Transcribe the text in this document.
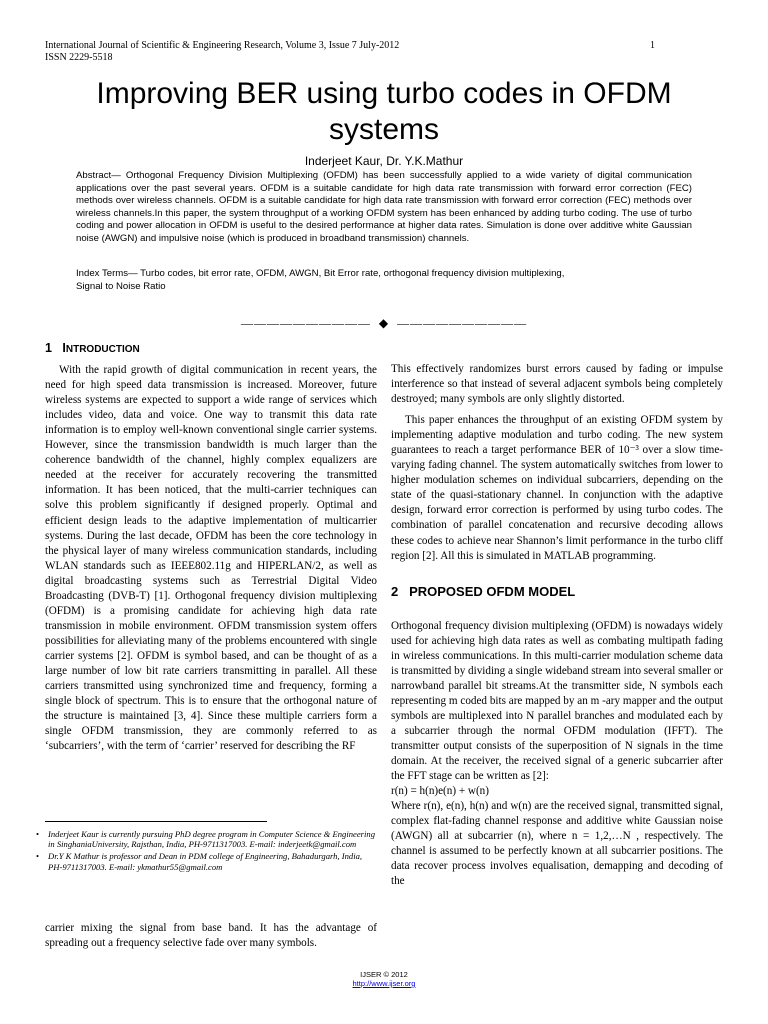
International Journal of Scientific & Engineering Research, Volume 3, Issue 7 July-2012
ISSN 2229-5518
1
Improving BER using turbo codes in OFDM systems
Inderjeet Kaur, Dr. Y.K.Mathur

Abstract— Orthogonal Frequency Division Multiplexing (OFDM) has been successfully applied to a wide variety of digital communication applications over the past several years. OFDM is a suitable candidate for high data rate transmission with forward error correction (FEC) methods over wireless channels. OFDM is a suitable candidate for high data rate transmission with forward error correction (FEC) methods over wireless channels.In this paper, the system throughput of a working OFDM system has been enhanced by adding turbo coding. The use of turbo coding and power allocation in OFDM is useful to the desired performance at higher data rates. Simulation is done over additive white Gaussian noise (AWGN) and impulsive noise (which is produced in broadband transmission) channels.

Index Terms— Turbo codes, bit error rate, OFDM, AWGN, Bit Error rate, orthogonal frequency division multiplexing,
Signal to Noise Ratio

——————————  ◆  ——————————
1 INTRODUCTION

With the rapid growth of digital communication in recent years, the need for high speed data transmission is increased. Moreover, future wireless systems are expected to support a wide range of services which includes video, data and voice. One way to transmit this data rate information is to employ well-known conventional single carrier systems. However, since the transmission bandwidth is much larger than the coherence bandwidth of the channel, highly complex equalizers are needed at the receiver for accurately recovering the transmitted information. It has been noticed, that the multi-carrier techniques can solve this problem significantly if designed properly. Optimal and efficient design leads to the adaptive implementation of multicarrier systems. During the last decade, OFDM has been the core technology in the physical layer of many wireless communication standards, including WLAN standards such as IEEE802.11g and HIPERLAN/2, as well as digital broadcasting systems such as Terrestrial Digital Video Broadcasting (DVB-T) [1]. Orthogonal frequency division multiplexing (OFDM) is a promising candidate for achieving high data rate transmission in mobile environment. OFDM transmission system offers possibilities for alleviating many of the problems encountered with single carrier systems [2]. OFDM is symbol based, and can be thought of as a large number of low bit rate carriers transmitting in parallel. All these carriers transmitted using synchronized time and frequency, forming a single block of spectrum. This is to ensure that the orthogonal nature of the structure is maintained [3, 4]. Since these multiple carriers form a single OFDM transmission, they are commonly referred to as ‘subcarriers’, with the term of ‘carrier’ reserved for describing the RF

This effectively randomizes burst errors caused by fading or impulse interference so that instead of several adjacent symbols being completely destroyed; many symbols are only slightly distorted.

This paper enhances the throughput of an existing OFDM system by implementing adaptive modulation and turbo coding. The new system guarantees to reach a target performance BER of 10⁻³ over a slow time-varying fading channel. The system automatically switches from lower to higher modulation schemes on individual subcarriers, depending on the state of the quasi-stationary channel. In conjunction with the adaptive design, forward error correction is performed by using turbo codes. The combination of parallel concatenation and recursive decoding allows these codes to achieve near Shannon’s limit performance in the turbo cliff region [2]. All this is simulated in MATLAB programming.

2 PROPOSED OFDM MODEL

Orthogonal frequency division multiplexing (OFDM) is nowadays widely used for achieving high data rates as well as combating multipath fading in wireless communications. In this multi-carrier modulation scheme data is transmitted by dividing a single wideband stream into several smaller or narrowband parallel bit streams.At the transmitter side, N symbols each representing m coded bits are mapped by an m -ary mapper and the output symbols are multiplexed into N parallel branches and modulated each by a subcarrier through the normal OFDM modulation (IFFT). The transmitter output consists of the superposition of N signals in the time domain. At the receiver, the received signal of a generic subcarrier after the FFT stage can be written as [2]:

r(n) = h(n)e(n) + w(n)

Where r(n), e(n), h(n) and w(n) are the received signal, transmitted signal, complex flat-fading channel response and additive white Gaussian noise (AWGN) all at subcarrier (n), where n = 1,2,…N , respectively. The channel is assumed to be perfectly known at all subcarrier positions. The data recover process involves equalisation, demapping and decoding of the

• Inderjeet Kaur is currently pursuing PhD degree program in Computer Science & Engineering in SinghaniaUniversity, Rajsthan, India, PH-9711317003. E-mail: inderjeetk@gmail.com
• Dr.Y K Mathur is professor and Dean in PDM college of Engineering, Bahadurgarh, India, PH-9711317003. E-mail: ykmathur55@gmail.com

carrier mixing the signal from base band. It has the advantage of spreading out a frequency selective fade over many symbols.

IJSER © 2012
http://www.ijser.org
